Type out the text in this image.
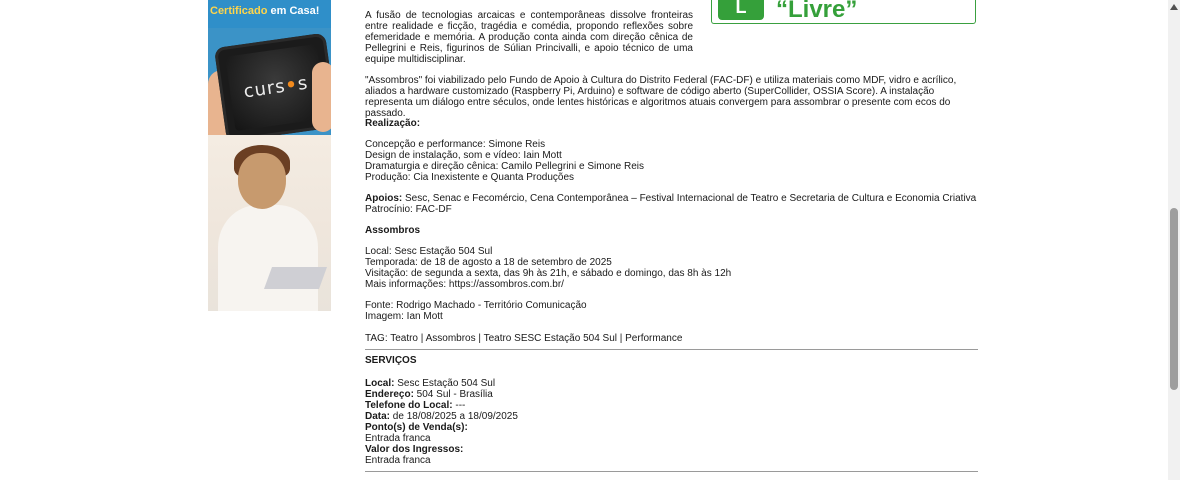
Certificado em Casa!
curs
•
s
L	“Livre”

A fusão de tecnologias arcaicas e contemporâneas dissolve fronteiras entre realidade e ficção, tragédia e comédia, propondo reflexões sobre efemeridade e memória. A produção conta ainda com direção cênica de Pellegrini e Reis, figurinos de Súlian Princivalli, e apoio técnico de uma equipe multidisciplinar.

"Assombros" foi viabilizado pelo Fundo de Apoio à Cultura do Distrito Federal (FAC-DF) e utiliza materiais como MDF, vidro e acrílico, aliados a hardware customizado (Raspberry Pi, Arduino) e software de código aberto (SuperCollider, OSSIA Score). A instalação representa um diálogo entre séculos, onde lentes históricas e algoritmos atuais convergem para assombrar o presente com ecos do passado.

Realização:

Concepção e performance: Simone Reis

Design de instalação, som e vídeo: Iain Mott

Dramaturgia e direção cênica: Camilo Pellegrini e Simone Reis

Produção: Cia Inexistente e Quanta Produções

Apoios: Sesc, Senac e Fecomércio, Cena Contemporânea – Festival Internacional de Teatro e Secretaria de Cultura e Economia Criativa

Patrocínio: FAC-DF

Assombros

Local: Sesc Estação 504 Sul

Temporada: de 18 de agosto a 18 de setembro de 2025

Visitação: de segunda a sexta, das 9h às 21h, e sábado e domingo, das 8h às 12h

Mais informações: https://assombros.com.br/

Fonte: Rodrigo Machado - Território Comunicação

Imagem: Ian Mott

TAG: Teatro | Assombros | Teatro SESC Estação 504 Sul | Performance

SERVIÇOS

Local: Sesc Estação 504 Sul

Endereço: 504 Sul - Brasília

Telefone do Local: ---

Data: de 18/08/2025 a 18/09/2025

Ponto(s) de Venda(s):

Entrada franca

Valor dos Ingressos:

Entrada franca
